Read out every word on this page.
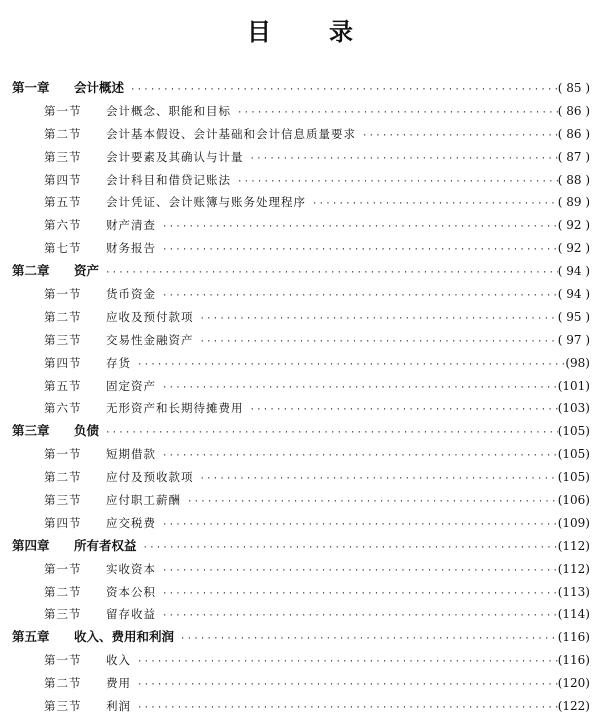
目录
第一章	会计概述 ·····	( 85 )
第一节	会计概念、职能和目标 ·····	( 86 )
第二节	会计基本假设、会计基础和会计信息质量要求 ·····	( 86 )
第三节	会计要素及其确认与计量 ·····	( 87 )
第四节	会计科目和借贷记账法 ·····	( 88 )
第五节	会计凭证、会计账簿与账务处理程序 ·····	( 89 )
第六节	财产清查 ·····	( 92 )
第七节	财务报告 ·····	( 92 )
第二章	资产 ·····	( 94 )
第一节	货币资金 ·····	( 94 )
第二节	应收及预付款项 ·····	( 95 )
第三节	交易性金融资产 ·····	( 97 )
第四节	存货 ·····	(98)
第五节	固定资产 ·····	(101)
第六节	无形资产和长期待摊费用 ·····	(103)
第三章	负债 ·····	(105)
第一节	短期借款 ·····	(105)
第二节	应付及预收款项 ·····	(105)
第三节	应付职工薪酬 ·····	(106)
第四节	应交税费 ·····	(109)
第四章	所有者权益 ·····	(112)
第一节	实收资本 ·····	(112)
第二节	资本公积 ·····	(113)
第三节	留存收益 ·····	(114)
第五章	收入、费用和利润 ·····	(116)
第一节	收入 ·····	(116)
第二节	费用 ·····	(120)
第三节	利润 ·····	(122)
